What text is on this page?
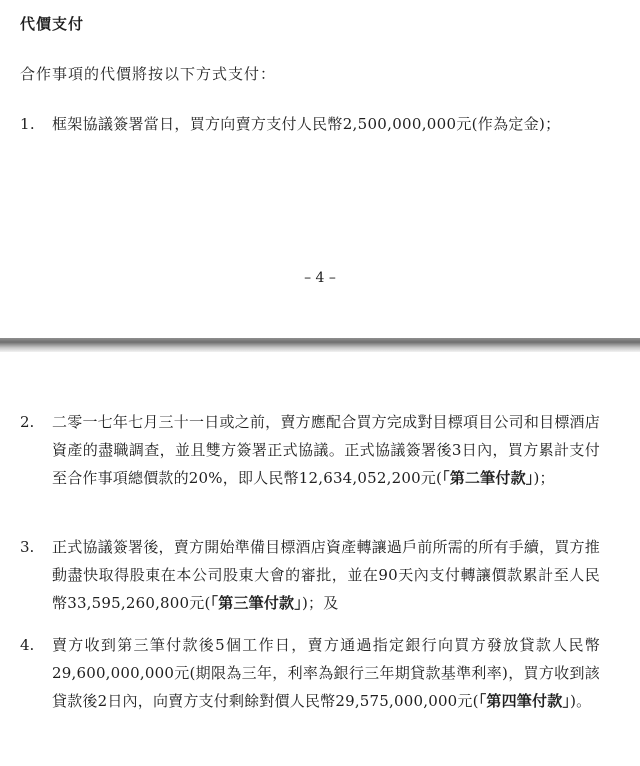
代價支付
合作事項的代價將按以下方式支付：
1. 框架協議簽署當日，買方向賣方支付人民幣2,500,000,000元(作為定金)；
– 4 –
2.	二零一七年七月三十一日或之前，賣方應配合買方完成對目標項目公司和目標酒店資產的盡職調查，並且雙方簽署正式協議。正式協議簽署後3日內，買方累計支付至合作事項總價款的20%，即人民幣12,634,052,200元(「第二筆付款」)；
3.	正式協議簽署後，賣方開始準備目標酒店資產轉讓過戶前所需的所有手續，買方推動盡快取得股東在本公司股東大會的審批，並在90天內支付轉讓價款累計至人民幣33,595,260,800元(「第三筆付款」)；及
4.	賣方收到第三筆付款後5個工作日，賣方通過指定銀行向買方發放貸款人民幣29,600,000,000元(期限為三年，利率為銀行三年期貸款基準利率)，買方收到該貸款後2日內，向賣方支付剩餘對價人民幣29,575,000,000元(「第四筆付款」)。
